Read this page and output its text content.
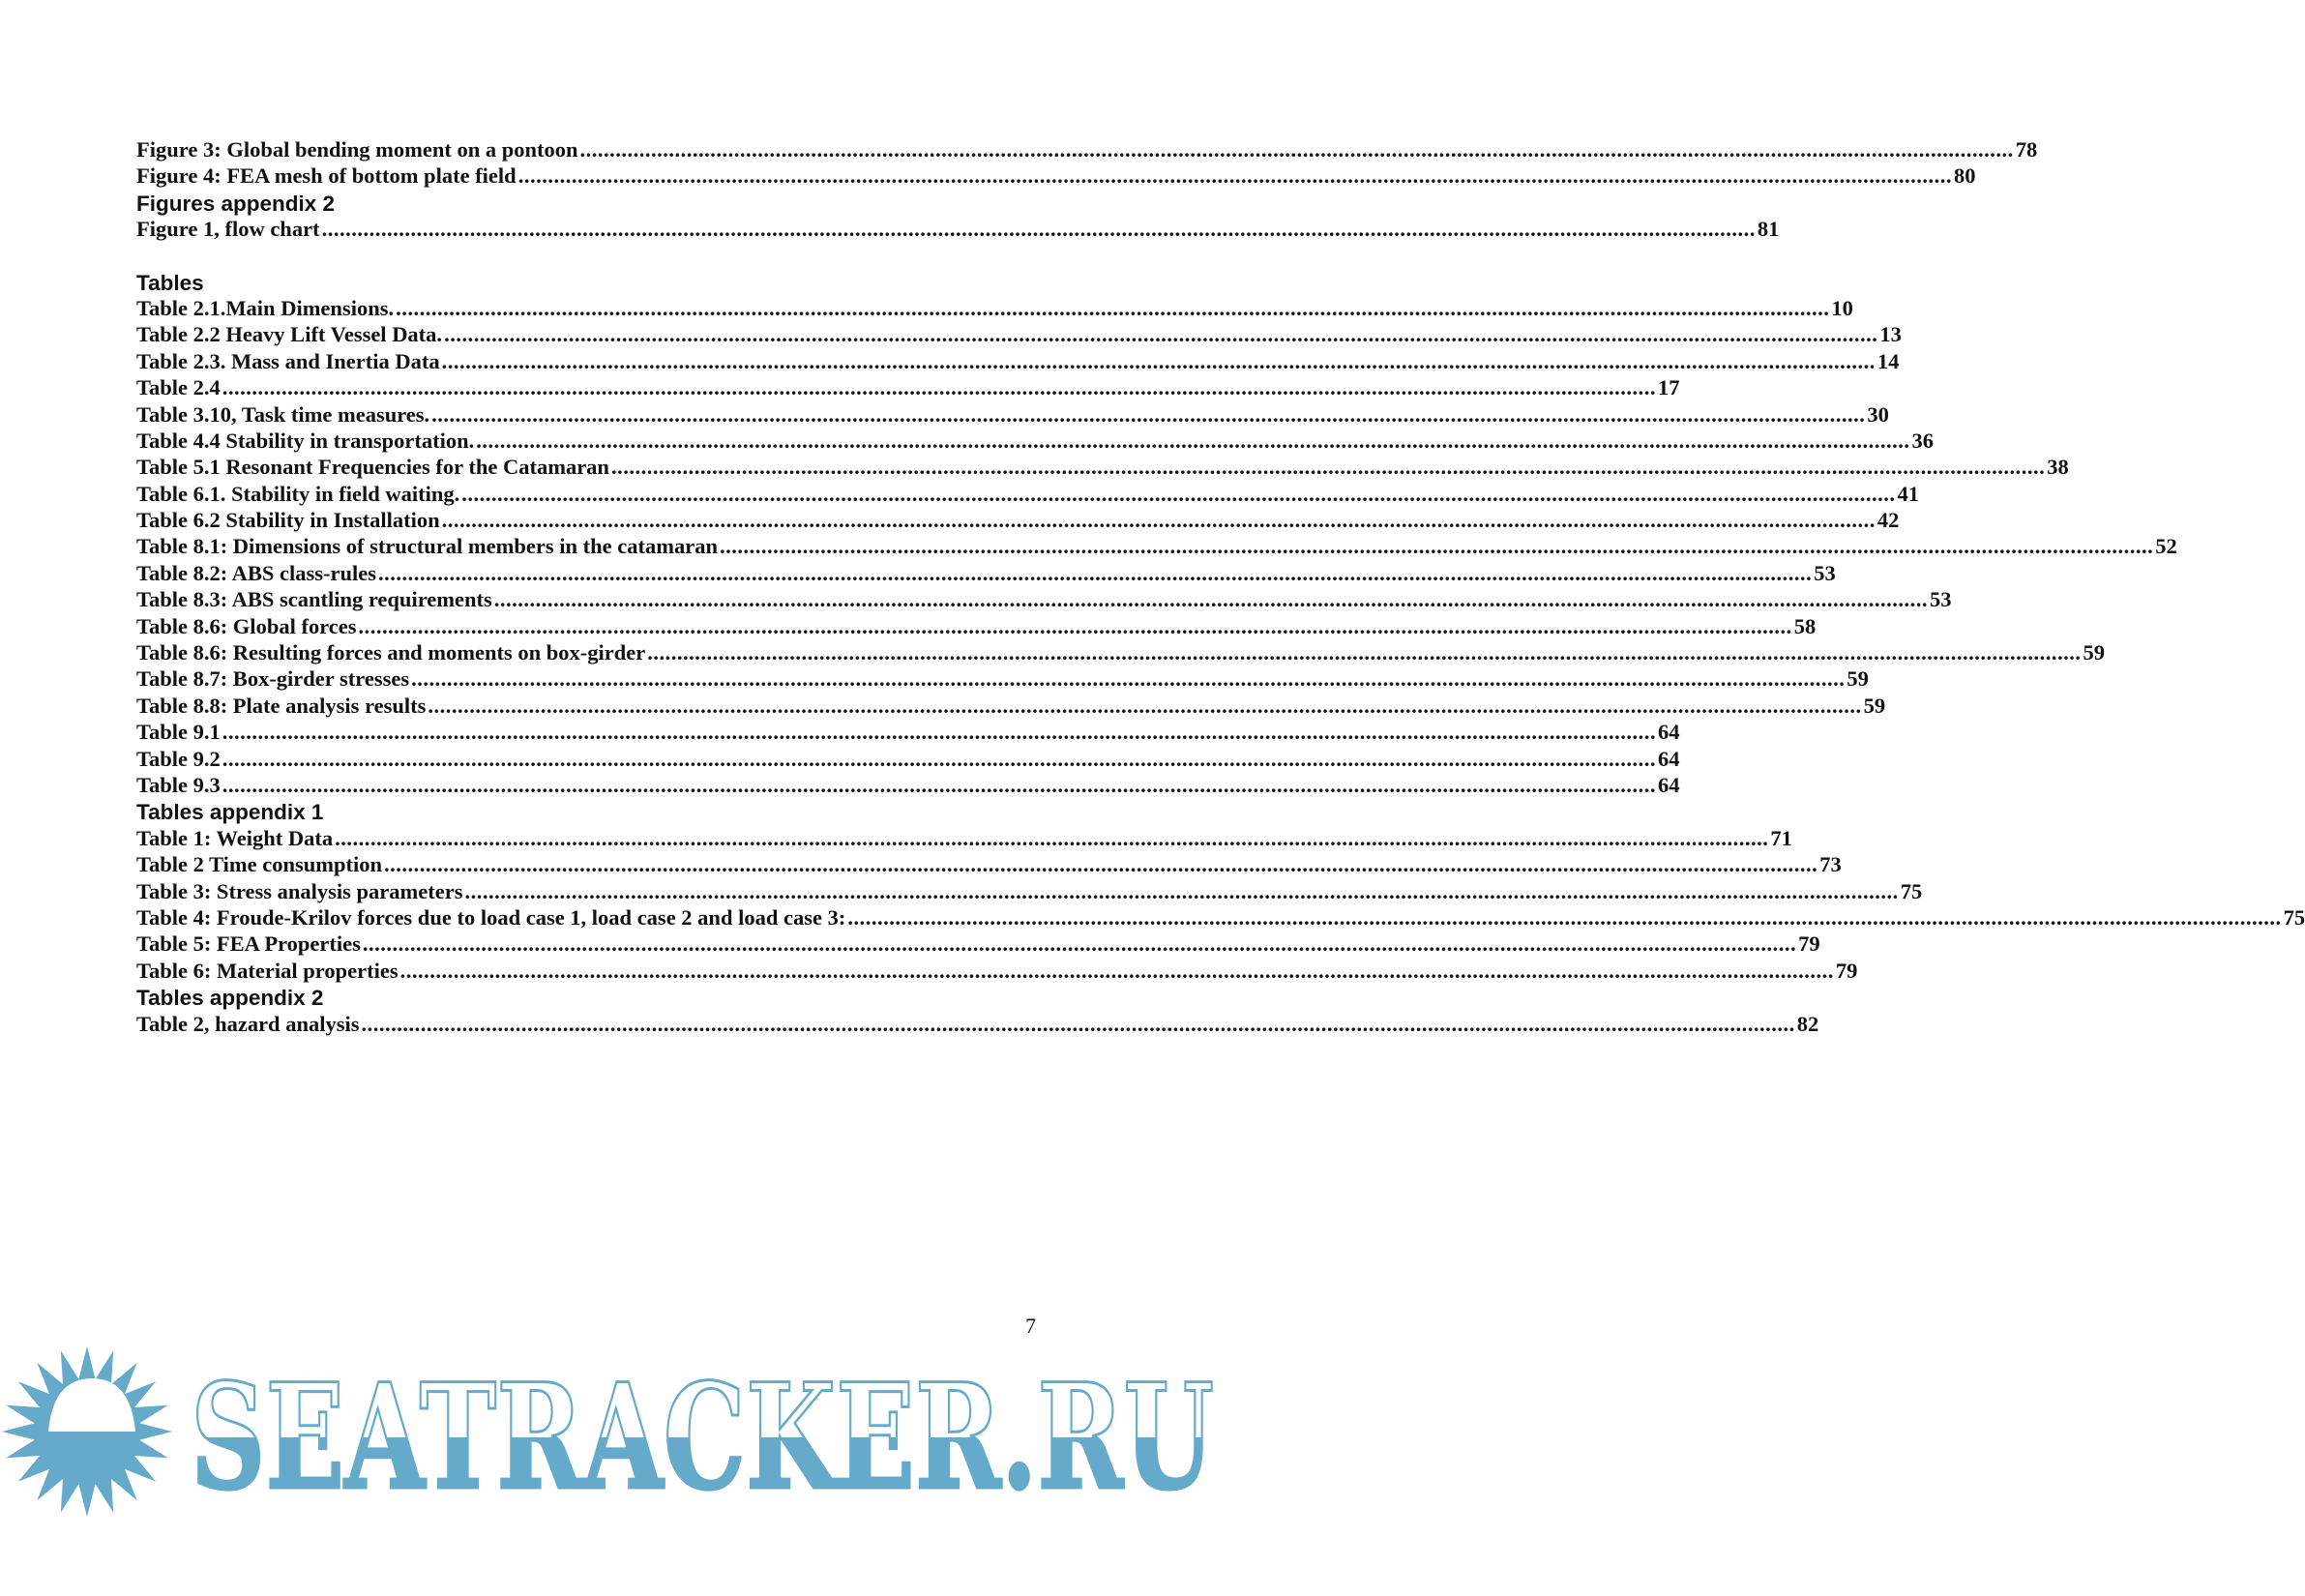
Figure 3: Global bending moment on a pontoon .....	78
Figure 4: FEA mesh of bottom plate field .....	80
Figures appendix 2
Figure 1, flow chart .....	81
Tables
Table 2.1.Main Dimensions. .....	10
Table 2.2 Heavy Lift Vessel Data. .....	13
Table 2.3. Mass and Inertia Data .....	14
Table 2.4 .....	17
Table 3.10, Task time measures. .....	30
Table 4.4 Stability in transportation. .....	36
Table 5.1 Resonant Frequencies for the Catamaran .....	38
Table 6.1. Stability in field waiting. .....	41
Table 6.2 Stability in Installation .....	42
Table 8.1: Dimensions of structural members in the catamaran .....	52
Table 8.2: ABS class-rules .....	53
Table 8.3: ABS scantling requirements .....	53
Table 8.6: Global forces .....	58
Table 8.6: Resulting forces and moments on box-girder .....	59
Table 8.7: Box-girder stresses .....	59
Table 8.8: Plate analysis results .....	59
Table 9.1 .....	64
Table 9.2 .....	64
Table 9.3 .....	64
Tables appendix 1
Table 1: Weight Data .....	71
Table 2 Time consumption .....	73
Table 3: Stress analysis parameters .....	75
Table 4: Froude-Krilov forces due to load case 1, load case 2 and load case 3: .....	75
Table 5: FEA Properties .....	79
Table 6: Material properties .....	79
Tables appendix 2
Table 2, hazard analysis .....	82
SEATRACKER.RU
7
